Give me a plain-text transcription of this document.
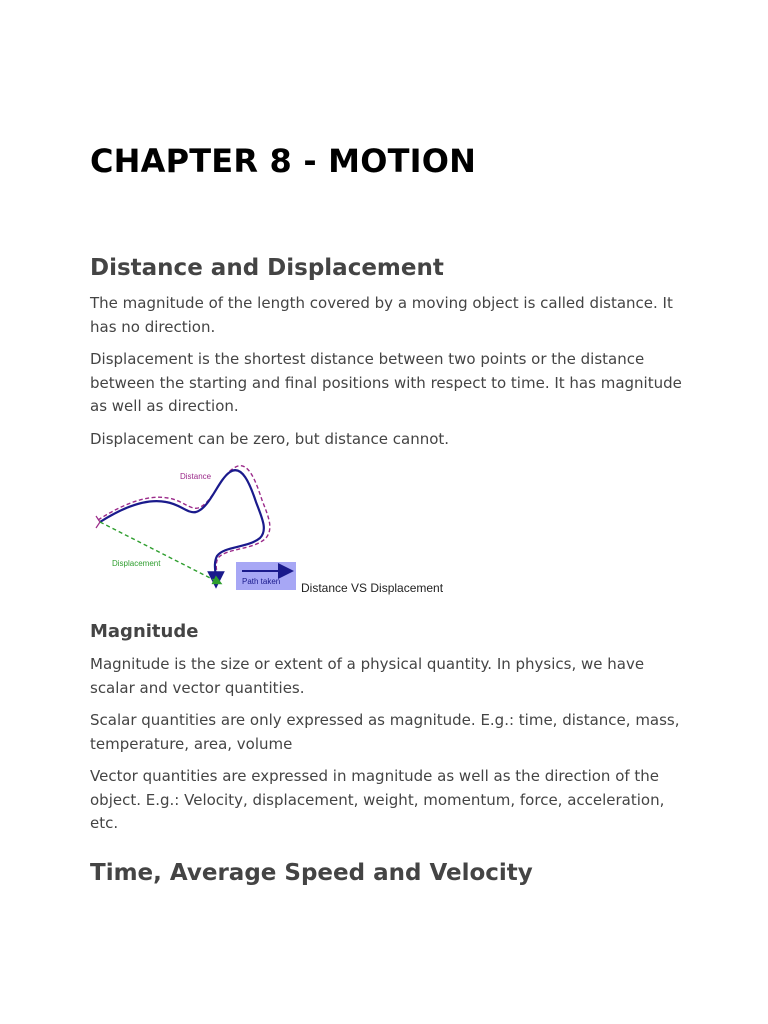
CHAPTER 8 - MOTION
Distance and Displacement

The magnitude of the length covered by a moving object is called distance. It has no direction.

Displacement is the shortest distance between two points or the distance between the starting and final positions with respect to time. It has magnitude as well as direction.

Displacement can be zero, but distance cannot.

Distance
Displacement
Path taken Distance VS Displacement
Magnitude

Magnitude is the size or extent of a physical quantity. In physics, we have scalar and vector quantities.

Scalar quantities are only expressed as magnitude. E.g.: time, distance, mass, temperature, area, volume

Vector quantities are expressed in magnitude as well as the direction of the object. E.g.: Velocity, displacement, weight, momentum, force, acceleration, etc.

Time, Average Speed and Velocity
